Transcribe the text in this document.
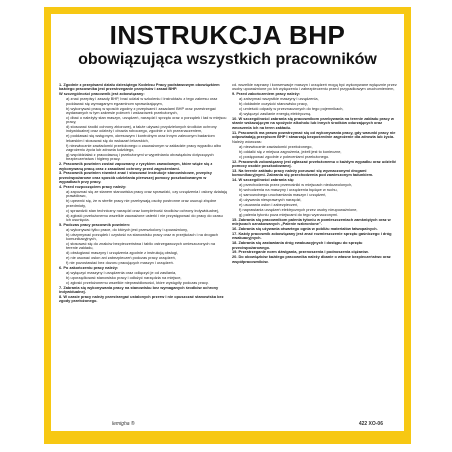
INSTRUKCJA BHP
obowiązująca wszystkich pracowników
1. Zgodnie z przepisami działu dziesiątego Kodeksu Pracy podstawowym obowiązkiem każdego pracownika jest przestrzeganie przepisów i zasad BHP.
W szczególności pracownik jest zobowiązany:
a) znać przepisy i zasady BHP, brać udział w szkoleniu i instruktażu z tego zakresu oraz poddawać się wymaganym egzaminom sprawdzającym,
b) wykonywać pracę w sposób zgodny z przepisami i zasadami BHP oraz przestrzegać wydawanych w tym zakresie poleceń i wskazówek przełożonych,
c) dbać o należyty stan maszyn, urządzeń, narzędzi i sprzętu oraz o porządek i ład w miejscu pracy,
d) stosować środki ochrony zbiorowej, a także używać przydzielonych środków ochrony indywidualnej oraz odzieży i obuwia roboczego, zgodnie z ich przeznaczeniem,
e) poddawać się wstępnym, okresowym i kontrolnym oraz innym zaleconym badaniom lekarskim i stosować się do wskazań lekarskich,
f) niezwłocznie zawiadomić przełożonego o zauważonym w zakładzie pracy wypadku albo zagrożeniu życia lub zdrowia ludzkiego,
g) współdziałać z pracodawcą i przełożonymi w wypełnianiu obowiązków dotyczących bezpieczeństwa i higieny pracy.
2. Pracownik powinien zostać zapoznany z ryzykiem zawodowym, które wiąże się z wykonywaną pracą oraz z zasadami ochrony przed zagrożeniami.
3. Pracownik powinien również znać i stosować instrukcje stanowiskowe, przepisy przeciwpożarowe oraz sposób udzielania pierwszej pomocy poszkodowanym w wypadkach przy pracy.
4. Przed rozpoczęciem pracy należy:
a) zapoznać się ze stanem stanowiska pracy oraz sprawdzić, czy urządzenia i osłony działają prawidłowo,
b) upewnić się, że w strefie pracy nie przebywają osoby postronne oraz usunąć zbędne przedmioty,
c) sprawdzić stan techniczny narzędzi oraz kompletność środków ochrony indywidualnej,
d) zgłosić przełożonemu wszelkie zauważone usterki i nie przystępować do pracy do czasu ich usunięcia.
5. Podczas pracy pracownik powinien:
a) wykonywać tylko prace, do których jest przeszkolony i upoważniony,
b) utrzymywać porządek i czystość na stanowisku pracy oraz w przejściach i na drogach komunikacyjnych,
c) stosować się do znaków bezpieczeństwa i tablic ostrzegawczych umieszczonych na terenie zakładu,
d) obsługiwać maszyny i urządzenia zgodnie z instrukcją obsługi,
e) nie usuwać osłon ani zabezpieczeń podczas pracy urządzeń,
f) nie pozostawiać bez dozoru pracujących maszyn i urządzeń.
6. Po zakończeniu pracy należy:
a) wyłączyć maszyny i urządzenia oraz odłączyć je od zasilania,
b) uporządkować stanowisko pracy i odłożyć narzędzia na miejsce,
c) zgłosić przełożonemu wszelkie nieprawidłowości, które wystąpiły podczas pracy.
7. Zabrania się wykonywania pracy na stanowisku bez wymaganych środków ochrony indywidualnej.
8. W czasie pracy należy przestrzegać ustalonych przerw i nie opuszczać stanowiska bez zgody przełożonego.
cd. wszelkie naprawy i konserwacje maszyn i urządzeń mogą być wykonywane wyłącznie przez osoby upoważnione po ich wyłączeniu i zabezpieczeniu przed przypadkowym uruchomieniem,
9. Przed zakończeniem pracy należy:
a) zatrzymać wszystkie maszyny i urządzenia,
b) dokładnie oczyścić stanowisko pracy,
c) umieścić odpady w przeznaczonych do tego pojemnikach,
d) wyłączyć zasilanie energią elektryczną.
10. W szczególności zabrania się pracownikom przebywania na terenie zakładu pracy w stanie wskazującym na spożycie alkoholu lub innych środków odurzających oraz wnoszenia ich na teren zakładu.
11. Pracownik ma prawo powstrzymać się od wykonywania pracy, gdy warunki pracy nie odpowiadają przepisom BHP i stwarzają bezpośrednie zagrożenie dla zdrowia lub życia.
Należy wówczas:
a) niezwłocznie zawiadomić przełożonego,
b) oddalić się z miejsca zagrożenia, jeżeli jest to konieczne,
c) postępować zgodnie z poleceniami przełożonego.
12. Pracownik zobowiązany jest zgłaszać przełożonemu o każdym wypadku oraz udzielić pomocy osobie poszkodowanej.
13. Na terenie zakładu pracy należy poruszać się wyznaczonymi drogami komunikacyjnymi. Zabrania się przechodzenia pod zawieszonym ładunkiem.
14. W szczególności zabrania się:
a) przechodzenia przez przenośniki w miejscach niedozwolonych,
b) wchodzenia na maszyny i urządzenia będące w ruchu,
c) samowolnego uruchamiania maszyn i urządzeń,
d) używania niesprawnych narzędzi,
e) usuwania osłon i zabezpieczeń,
f) naprawiania urządzeń elektrycznych przez osoby nieupoważnione,
g) palenia tytoniu poza miejscami do tego wyznaczonymi.
15. Zabrania się pracownikom palenia tytoniu w pomieszczeniach zamkniętych oraz w miejscach oznakowanych „Palenie wzbronione”.
16. Zabrania się używania otwartego ognia w pobliżu materiałów łatwopalnych.
17. Każdy pracownik zobowiązany jest znać rozmieszczenie sprzętu gaśniczego i dróg ewakuacyjnych.
18. Zabrania się zastawiania dróg ewakuacyjnych i dostępu do sprzętu przeciwpożarowego.
19. Przestrzeganie norm dźwigania, przenoszenia i podnoszenia ciężarów.
20. Do obowiązków każdego pracownika należy dbanie o własne bezpieczeństwo oraz współpracowników.
lemigha ®	422 XO-06
